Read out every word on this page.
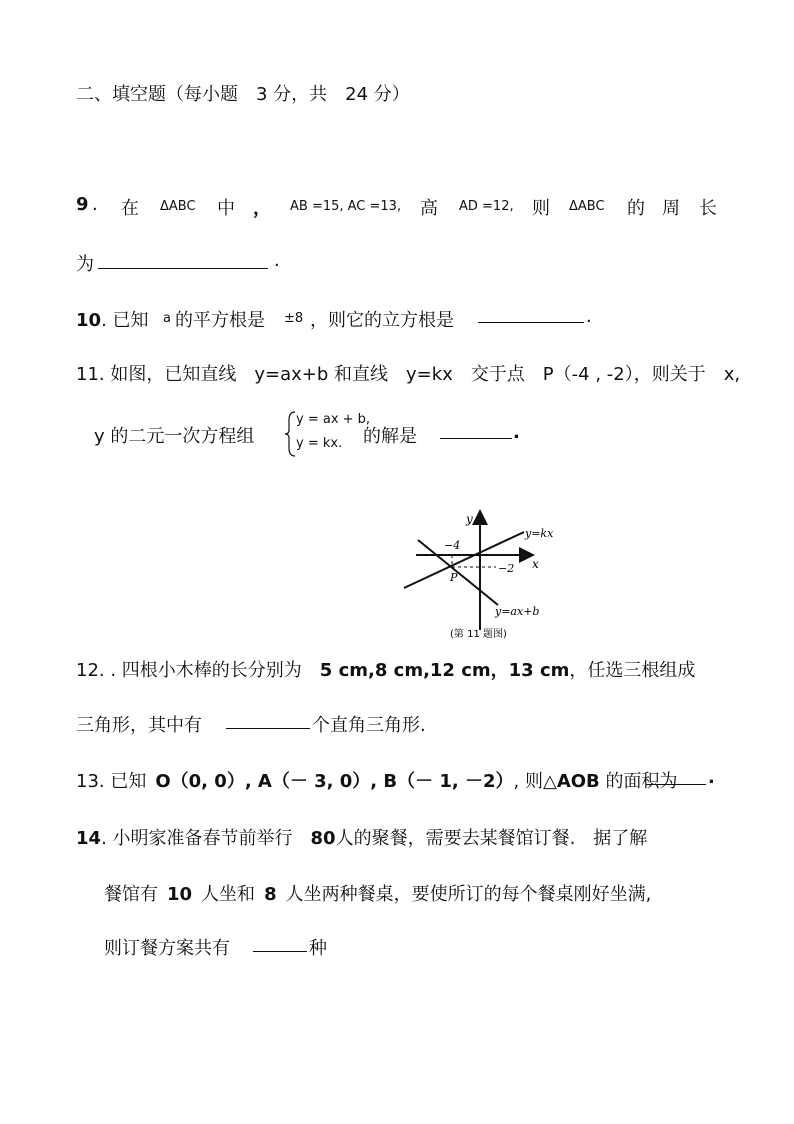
二、填空题（每小题　3 分，共　24 分）
9 . 在 ΔABC 中 ， AB =15, AC =13, 高 AD =12, 则 ΔABC 的 周 长
为	.
10. 已知 a 的平方根是 ±8 ，则它的立方根是	.
11. 如图，已知直线　y=ax+b 和直线　y=kx　交于点　P（-4 , -2），则关于　x,
y 的二元一次方程组
y = ax + b,
y = kx. 的解是	.
y
x
y=kx
−4
−2
P
y=ax+b
(第 11 题图)
12. . 四根小木棒的长分别为　 5 cm,8 cm,12 cm，13 cm，任选三根组成
三角形，其中有	个直角三角形.
13. 已知  O（0, 0）, A（－ 3, 0）, B（－ 1, －2）, 则△AOB 的面积为 .
14. 小明家准备春节前举行　 80人的聚餐，需要去某餐馆订餐.　据了解
餐馆有  10  人坐和  8  人坐两种餐桌，要使所订的每个餐桌刚好坐满,
则订餐方案共有	种
